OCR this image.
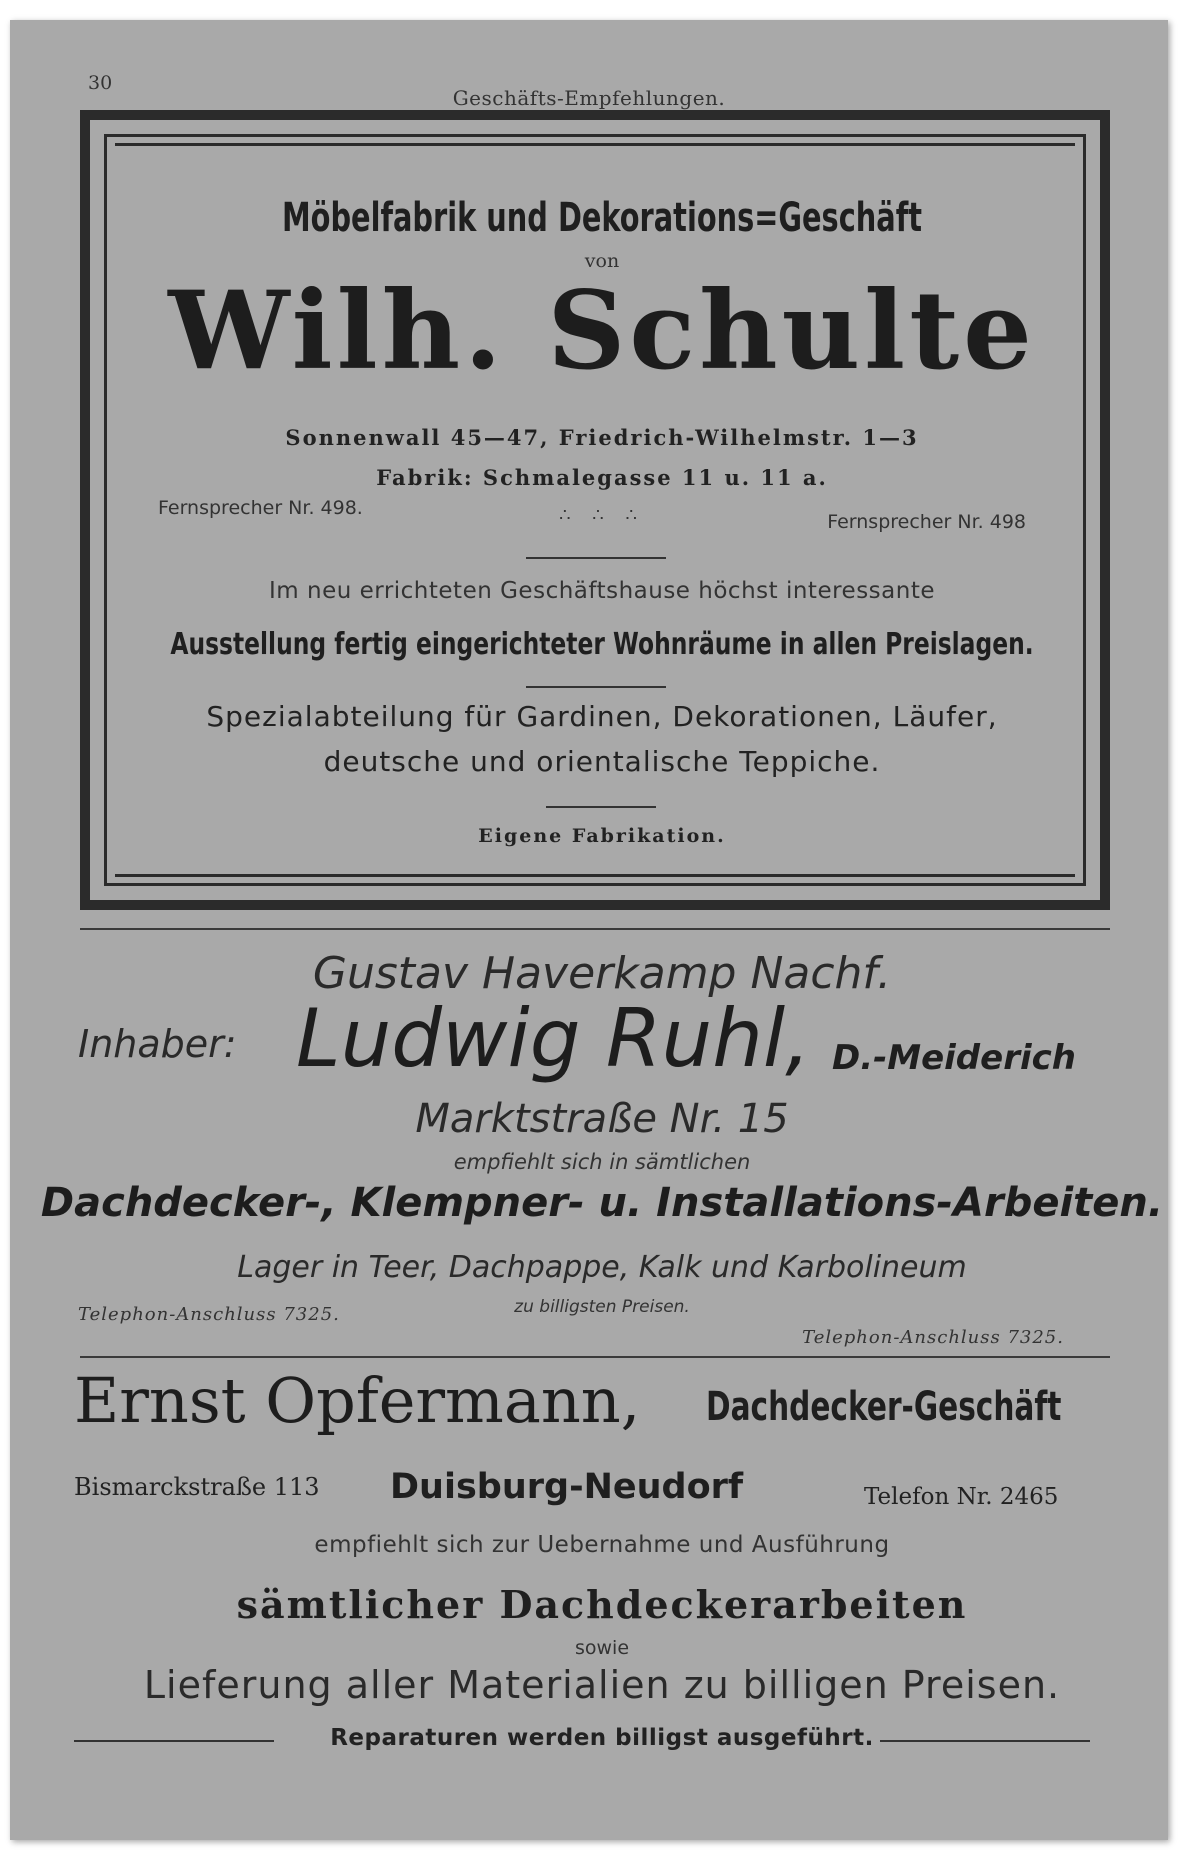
30
Geschäfts-Empfehlungen.
Möbelfabrik und Dekorations=Geschäft
von
Wilh. Schulte
Sonnenwall 45—47, Friedrich-Wilhelmstr. 1—3
Fabrik: Schmalegasse 11 u. 11 a.
Fernsprecher Nr. 498.	∴ ∴ ∴	Fernsprecher Nr. 498
Im neu errichteten Geschäftshause höchst interessante
Ausstellung fertig eingerichteter Wohnräume in allen Preislagen.
Spezialabteilung für Gardinen, Dekorationen, Läufer,
deutsche und orientalische Teppiche.
Eigene Fabrikation.
Gustav Haverkamp Nachf.
Inhaber: Ludwig Ruhl, D.-Meiderich
Marktstraße Nr. 15
empfiehlt sich in sämtlichen
Dachdecker-, Klempner- u. Installations-Arbeiten.
Lager in Teer, Dachpappe, Kalk und Karbolineum
zu billigsten Preisen.
Telephon-Anschluss 7325.
Telephon-Anschluss 7325.
Ernst Opfermann, Dachdecker-Geschäft
Bismarckstraße 113 Duisburg-Neudorf	Telefon Nr. 2465
empfiehlt sich zur Uebernahme und Ausführung
sämtlicher Dachdeckerarbeiten
sowie
Lieferung aller Materialien zu billigen Preisen.
Reparaturen werden billigst ausgeführt.
